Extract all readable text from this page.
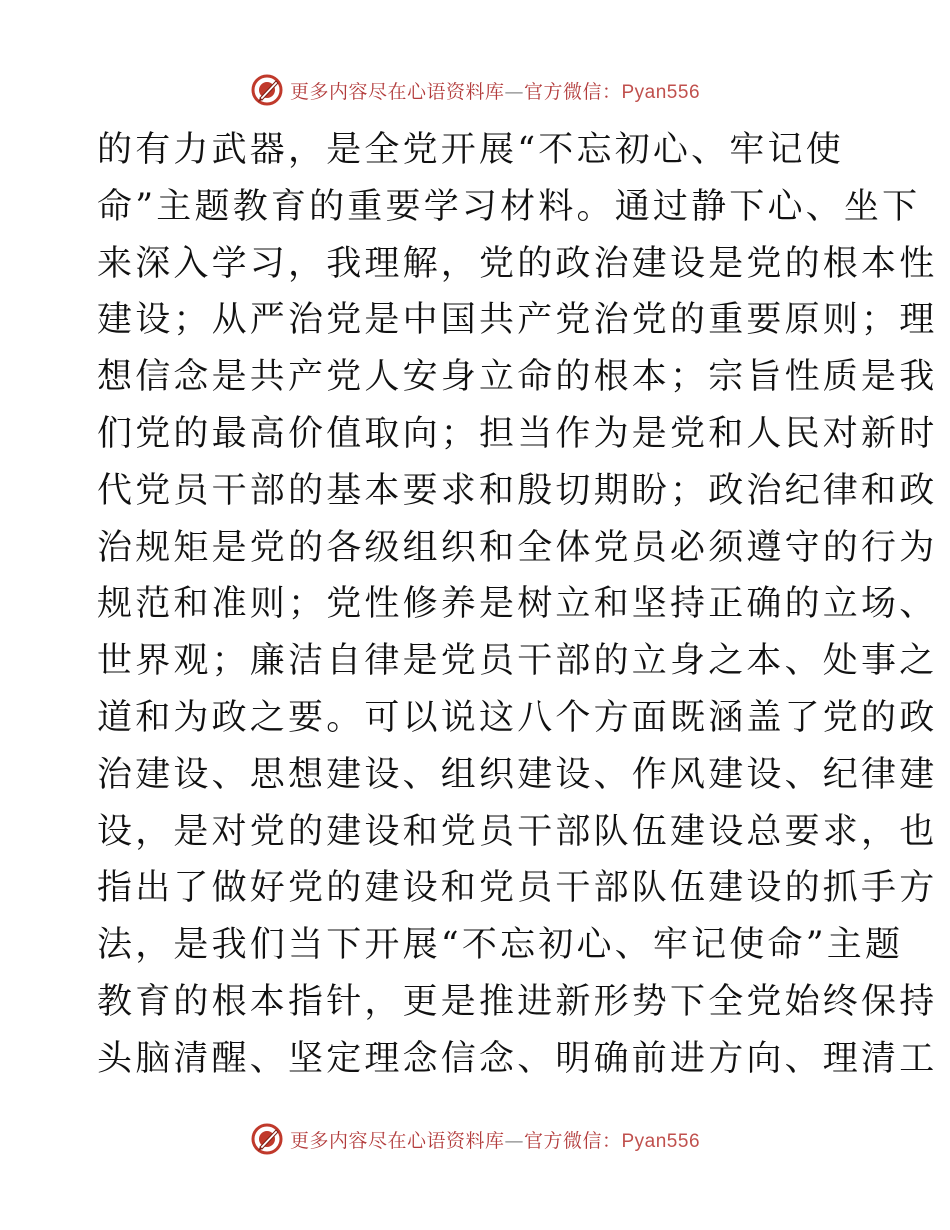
更多内容尽在心语资料库—官方微信：Pyan556
的有力武器，是全党开展“不忘初心、牢记使
命”主题教育的重要学习材料。通过静下心、坐下
来深入学习，我理解，党的政治建设是党的根本性
建设；从严治党是中国共产党治党的重要原则；理
想信念是共产党人安身立命的根本；宗旨性质是我
们党的最高价值取向；担当作为是党和人民对新时
代党员干部的基本要求和殷切期盼；政治纪律和政
治规矩是党的各级组织和全体党员必须遵守的行为
规范和准则；党性修养是树立和坚持正确的立场、
世界观；廉洁自律是党员干部的立身之本、处事之
道和为政之要。可以说这八个方面既涵盖了党的政
治建设、思想建设、组织建设、作风建设、纪律建
设，是对党的建设和党员干部队伍建设总要求，也
指出了做好党的建设和党员干部队伍建设的抓手方
法，是我们当下开展“不忘初心、牢记使命”主题
教育的根本指针，更是推进新形势下全党始终保持
头脑清醒、坚定理念信念、明确前进方向、理清工
更多内容尽在心语资料库—官方微信：Pyan556
